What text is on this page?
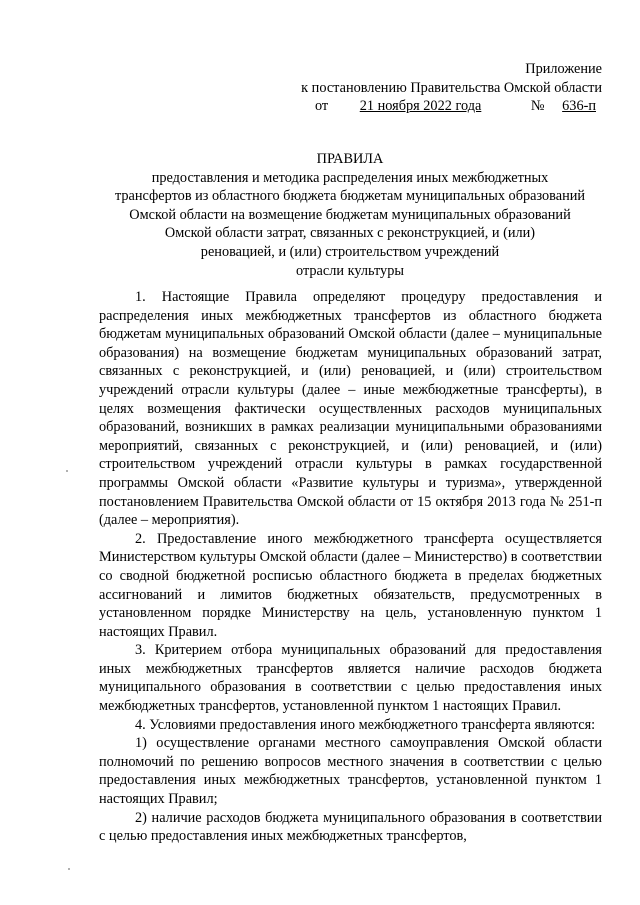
Приложение
к постановлению Правительства Омской области
от 21 ноября 2022 года	№ 636-п
ПРАВИЛА
предоставления и методика распределения иных межбюджетных
трансфертов из областного бюджета бюджетам муниципальных образований
Омской области на возмещение бюджетам муниципальных образований
Омской области затрат, связанных с реконструкцией, и (или)
реновацией, и (или) строительством учреждений
отрасли культуры

1. Настоящие Правила определяют процедуру предоставления и распределения иных межбюджетных трансфертов из областного бюджета бюджетам муниципальных образований Омской области (далее – муниципальные образования) на возмещение бюджетам муниципальных образований затрат, связанных с реконструкцией, и (или) реновацией, и (или) строительством учреждений отрасли культуры (далее – иные межбюджетные трансферты), в целях возмещения фактически осуществленных расходов муниципальных образований, возникших в рамках реализации муниципальными образованиями мероприятий, связанных с реконструкцией, и (или) реновацией, и (или) строительством учреждений отрасли культуры в рамках государственной программы Омской области «Развитие культуры и туризма», утвержденной постановлением Правительства Омской области от 15 октября 2013 года № 251-п (далее – мероприятия).

2. Предоставление иного межбюджетного трансферта осуществляется Министерством культуры Омской области (далее – Министерство) в соответствии со сводной бюджетной росписью областного бюджета в пределах бюджетных ассигнований и лимитов бюджетных обязательств, предусмотренных в установленном порядке Министерству на цель, установленную пунктом 1 настоящих Правил.

3. Критерием отбора муниципальных образований для предоставления иных межбюджетных трансфертов является наличие расходов бюджета муниципального образования в соответствии с целью предоставления иных межбюджетных трансфертов, установленной пунктом 1 настоящих Правил.

4. Условиями предоставления иного межбюджетного трансферта являются:

1) осуществление органами местного самоуправления Омской области полномочий по решению вопросов местного значения в соответствии с целью предоставления иных межбюджетных трансфертов, установленной пунктом 1 настоящих Правил;

2) наличие расходов бюджета муниципального образования в соответствии с целью предоставления иных межбюджетных трансфертов,
